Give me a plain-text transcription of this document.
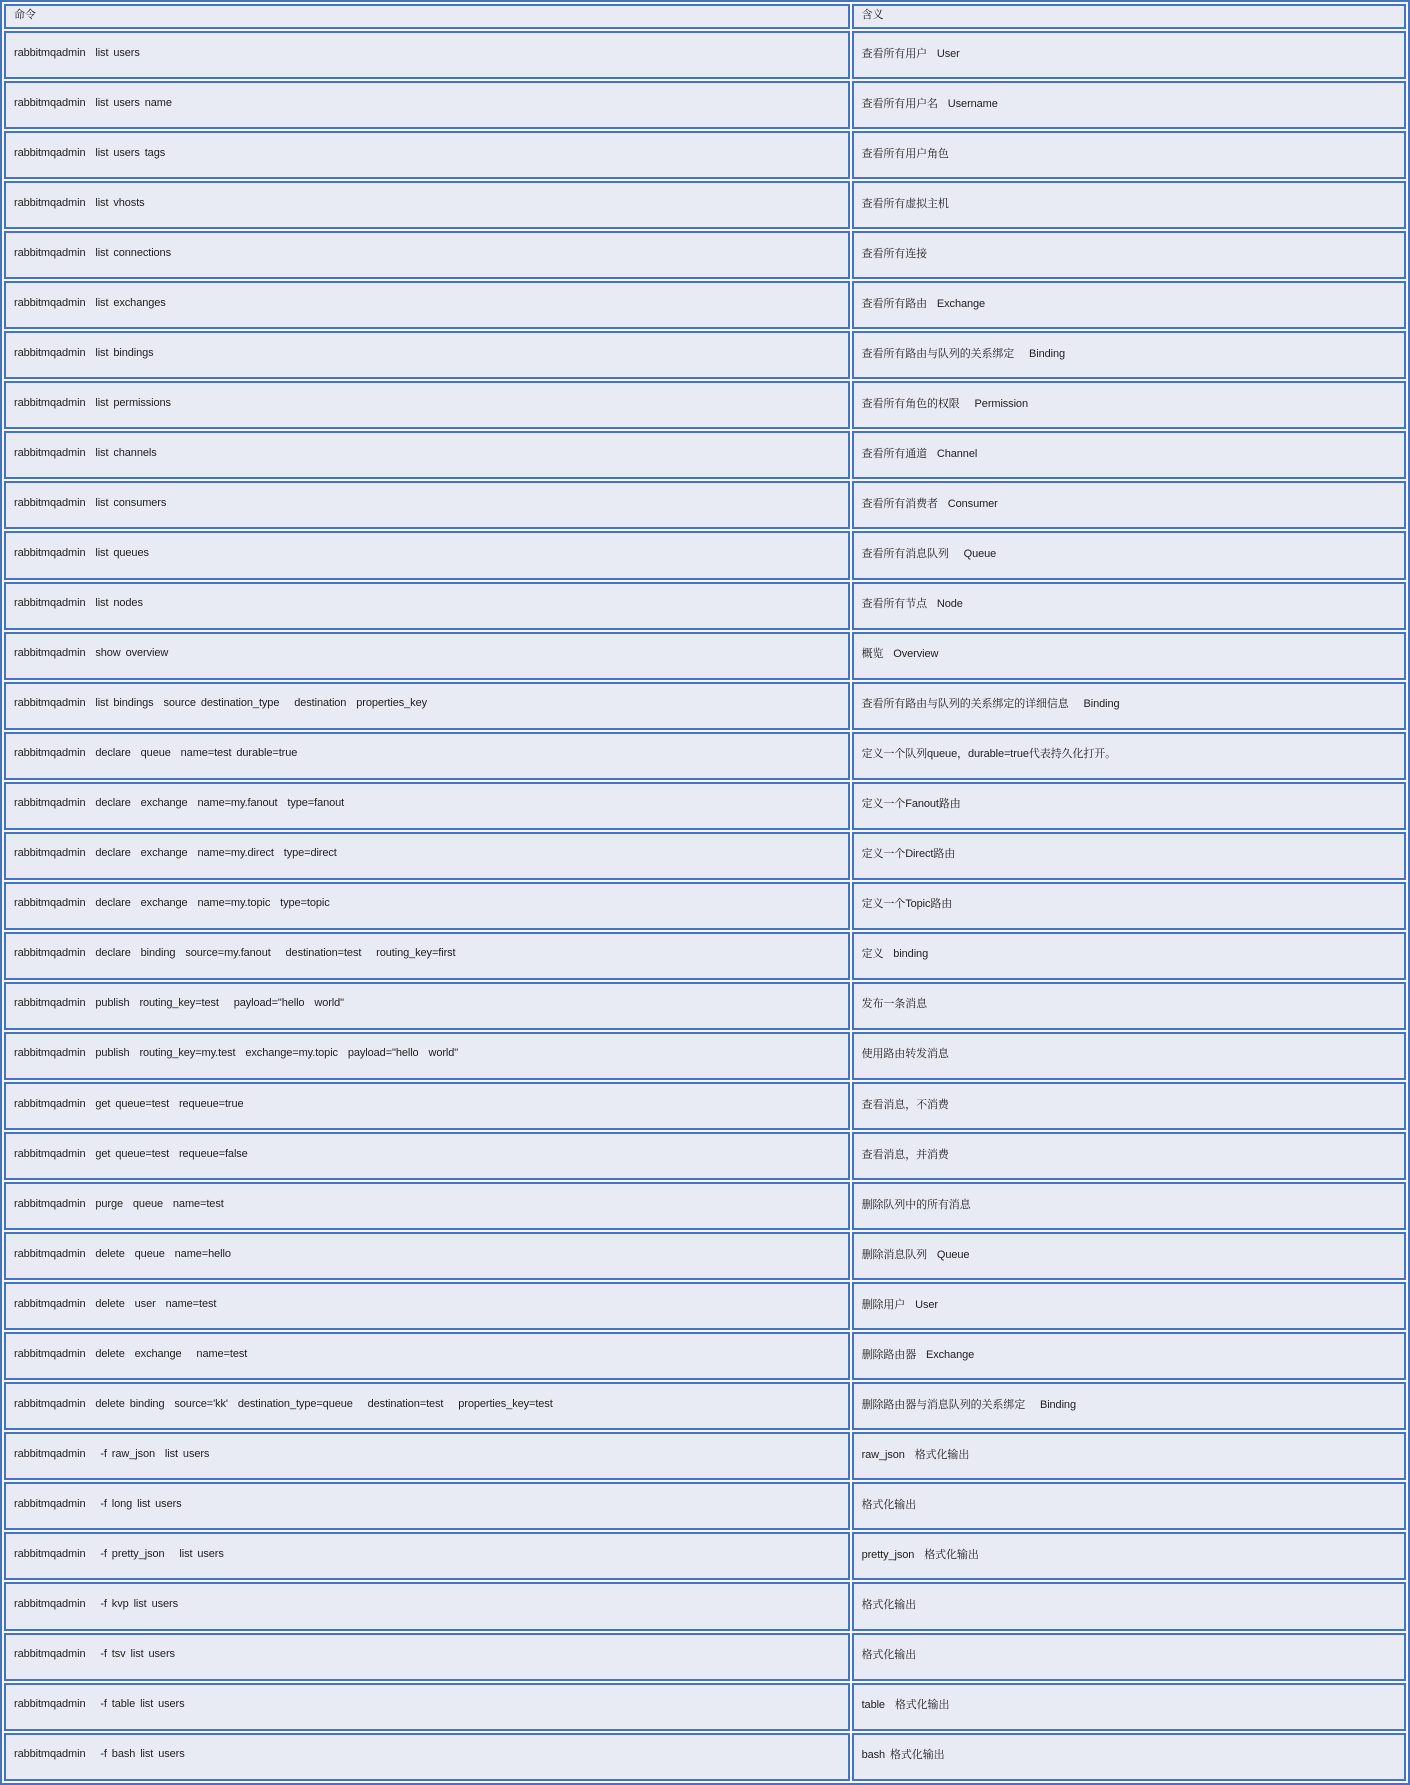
命令	含义
rabbitmqadmin  list users	查看所有用户  User
rabbitmqadmin  list users name	查看所有用户名  Username
rabbitmqadmin  list users tags	查看所有用户角色
rabbitmqadmin  list vhosts	查看所有虚拟主机
rabbitmqadmin  list connections	查看所有连接
rabbitmqadmin  list exchanges	查看所有路由  Exchange
rabbitmqadmin  list bindings	查看所有路由与队列的关系绑定   Binding
rabbitmqadmin  list permissions	查看所有角色的权限   Permission
rabbitmqadmin  list channels	查看所有通道  Channel
rabbitmqadmin  list consumers	查看所有消费者  Consumer
rabbitmqadmin  list queues	查看所有消息队列   Queue
rabbitmqadmin  list nodes	查看所有节点  Node
rabbitmqadmin  show overview	概览  Overview
rabbitmqadmin  list bindings  source destination_type   destination  properties_key	查看所有路由与队列的关系绑定的详细信息   Binding
rabbitmqadmin  declare  queue  name=test durable=true	定义一个队列queue，durable=true代表持久化打开。
rabbitmqadmin  declare  exchange  name=my.fanout  type=fanout	定义一个Fanout路由
rabbitmqadmin  declare  exchange  name=my.direct  type=direct	定义一个Direct路由
rabbitmqadmin  declare  exchange  name=my.topic  type=topic	定义一个Topic路由
rabbitmqadmin  declare  binding  source=my.fanout   destination=test   routing_key=first	定义  binding
rabbitmqadmin  publish  routing_key=test   payload="hello  world"	发布一条消息
rabbitmqadmin  publish  routing_key=my.test  exchange=my.topic  payload="hello  world"	使用路由转发消息
rabbitmqadmin  get queue=test  requeue=true	查看消息，不消费
rabbitmqadmin  get queue=test  requeue=false	查看消息，并消费
rabbitmqadmin  purge  queue  name=test	删除队列中的所有消息
rabbitmqadmin  delete  queue  name=hello	删除消息队列  Queue
rabbitmqadmin  delete  user  name=test	删除用户  User
rabbitmqadmin  delete  exchange   name=test	删除路由器  Exchange
rabbitmqadmin  delete binding  source='kk'  destination_type=queue   destination=test   properties_key=test	删除路由器与消息队列的关系绑定   Binding
rabbitmqadmin   -f raw_json  list users	raw_json  格式化输出
rabbitmqadmin   -f long list users	格式化输出
rabbitmqadmin   -f pretty_json   list users	pretty_json  格式化输出
rabbitmqadmin   -f kvp list users	格式化输出
rabbitmqadmin   -f tsv list users	格式化输出
rabbitmqadmin   -f table list users	table  格式化输出
rabbitmqadmin   -f bash list users	bash 格式化输出
